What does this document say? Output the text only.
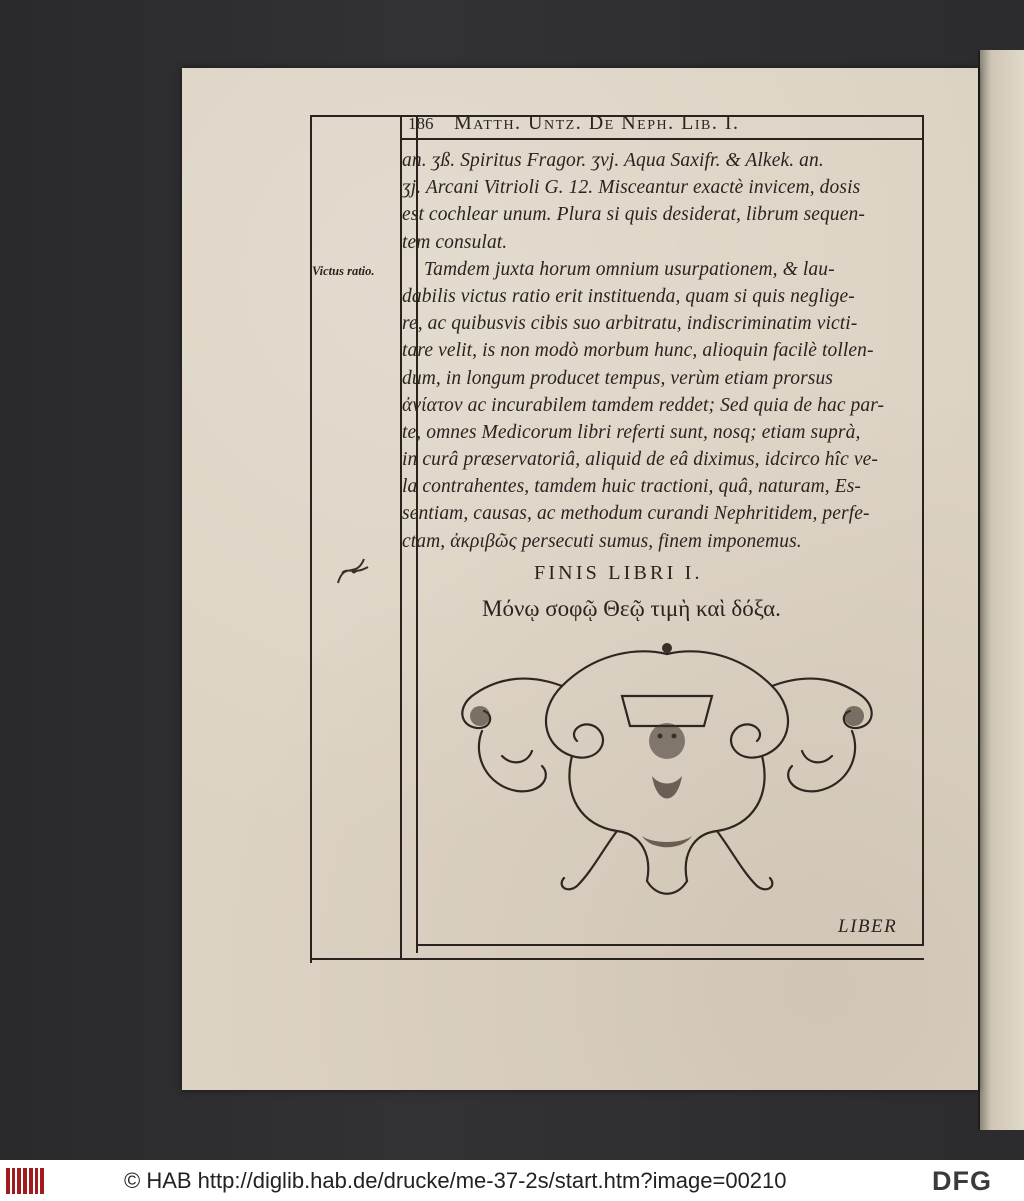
186 Matth. Untz. De Neph. Lib. I.
Victus ratio.
an. ʒß. Spiritus Fragor. ʒvj. Aqua Saxifr. & Alkek. an.
ʒj. Arcani Vitrioli G. 12. Misceantur exactè invicem, dosis
est cochlear unum. Plura si quis desiderat, librum sequen-
tem consulat.
Tamdem juxta horum omnium usurpationem, & lau-
dabilis victus ratio erit instituenda, quam si quis neglige-
re, ac quibusvis cibis suo arbitratu, indiscriminatim victi-
tare velit, is non modò morbum hunc, alioquin facilè tollen-
dum, in longum producet tempus, verùm etiam prorsus
ἀνίατον ac incurabilem tamdem reddet; Sed quia de hac par-
te, omnes Medicorum libri referti sunt, nosq; etiam suprà,
in curâ præservatoriâ, aliquid de eâ diximus, idcirco hîc ve-
la contrahentes, tamdem huic tractioni, quâ, naturam, Es-
sentiam, causas, ac methodum curandi Nephritidem, perfe-
ctam, ἀκριβῶς persecuti sumus, finem imponemus.
FINIS LIBRI I.
Μόνῳ σοφῷ Θεῷ τιμὴ καὶ δόξα.
LIBER
© HAB http://diglib.hab.de/drucke/me-37-2s/start.htm?image=00210	DFG
